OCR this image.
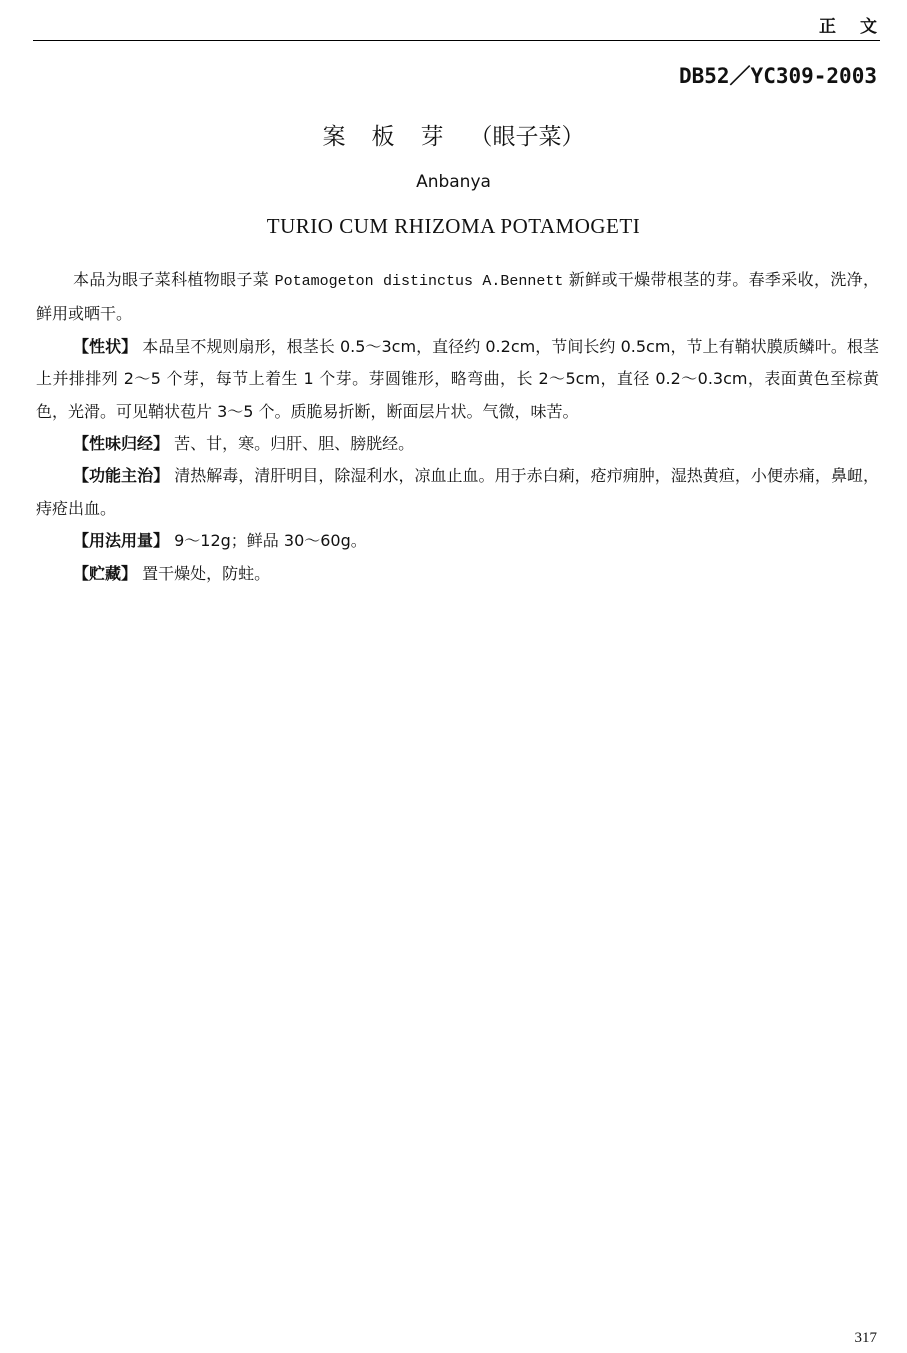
正文
DB52／YC309-2003
案板芽（眼子菜）
Anbanya
TURIO CUM RHIZOMA POTAMOGETI

本品为眼子菜科植物眼子菜 Potamogeton distinctus A.Bennett 新鲜或干燥带根茎的芽。春季采收，洗净，鲜用或晒干。

【性状】 本品呈不规则扇形，根茎长 0.5～3cm，直径约 0.2cm，节间长约 0.5cm，节上有鞘状膜质鳞叶。根茎上并排排列 2～5 个芽，每节上着生 1 个芽。芽圆锥形，略弯曲，长 2～5cm，直径 0.2～0.3cm，表面黄色至棕黄色，光滑。可见鞘状苞片 3～5 个。质脆易折断，断面层片状。气微，味苦。

【性味归经】 苦、甘，寒。归肝、胆、膀胱经。

【功能主治】 清热解毒，清肝明目，除湿利水，凉血止血。用于赤白痢，疮疖痈肿，湿热黄疸，小便赤痛，鼻衄，痔疮出血。

【用法用量】 9～12g；鲜品 30～60g。

【贮藏】 置干燥处，防蛀。

317
